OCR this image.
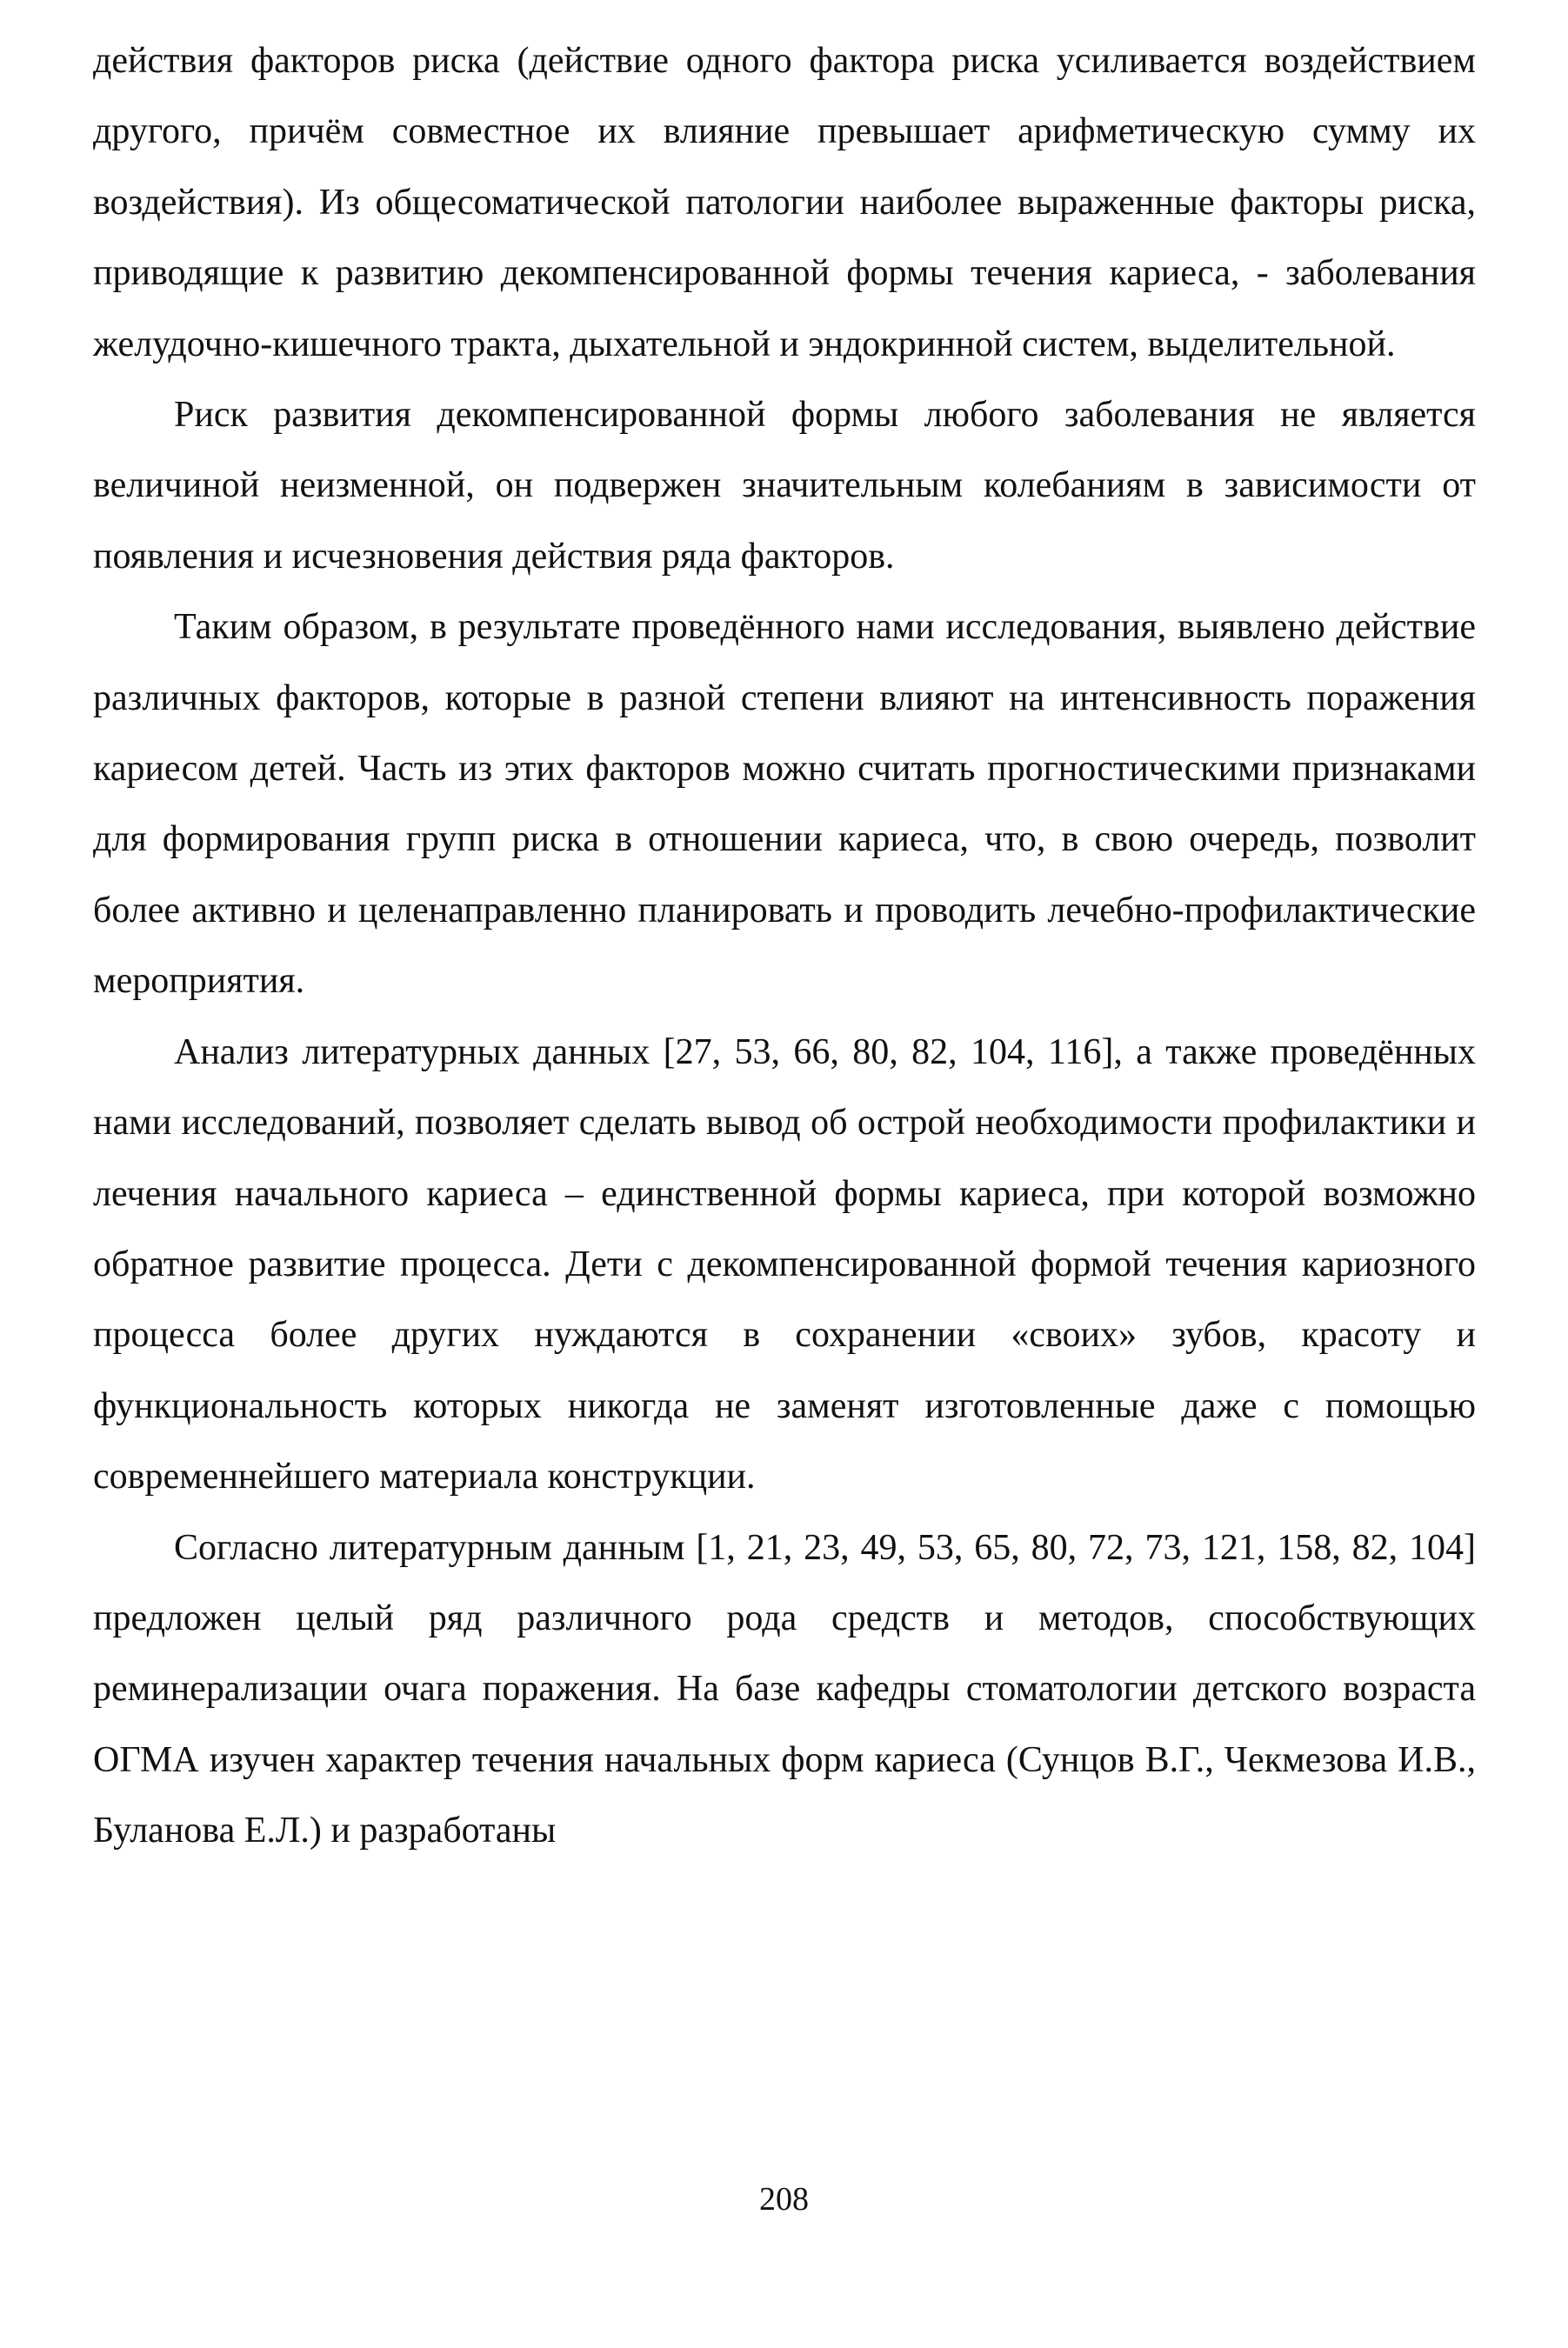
действия факторов риска (действие одного фактора риска усиливается воздействием другого, причём совместное их влияние превышает арифметическую сумму их воздействия). Из общесоматической патологии наиболее выраженные факторы риска, приводящие к развитию декомпенсированной формы течения кариеса, - заболевания желудочно-кишечного тракта, дыхательной и эндокринной систем, выделительной.

Риск развития декомпенсированной формы любого заболевания не является величиной неизменной, он подвержен значительным колебаниям в зависимости от появления и исчезновения действия ряда факторов.

Таким образом, в результате проведённого нами исследования, выявлено действие различных факторов, которые в разной степени влияют на интенсивность поражения кариесом детей. Часть из этих факторов можно считать прогностическими признаками для формирования групп риска в отношении кариеса, что, в свою очередь, позволит более активно и целенаправленно планировать и проводить лечебно-профилактические мероприятия.

Анализ литературных данных [27, 53, 66, 80, 82, 104, 116], а также проведённых нами исследований, позволяет сделать вывод об острой необходимости профилактики и лечения начального кариеса – единственной формы кариеса, при которой возможно обратное развитие процесса. Дети с декомпенсированной формой течения кариозного процесса более других нуждаются в сохранении «своих» зубов, красоту и функциональность которых никогда не заменят изготовленные даже с помощью современнейшего материала конструкции.

Согласно литературным данным [1, 21, 23, 49, 53, 65, 80, 72, 73, 121, 158, 82, 104] предложен целый ряд различного рода средств и методов, способствующих реминерализации очага поражения. На базе кафедры стоматологии детского возраста ОГМА изучен характер течения начальных форм кариеса (Сунцов В.Г., Чекмезова И.В., Буланова Е.Л.) и разработаны

208
